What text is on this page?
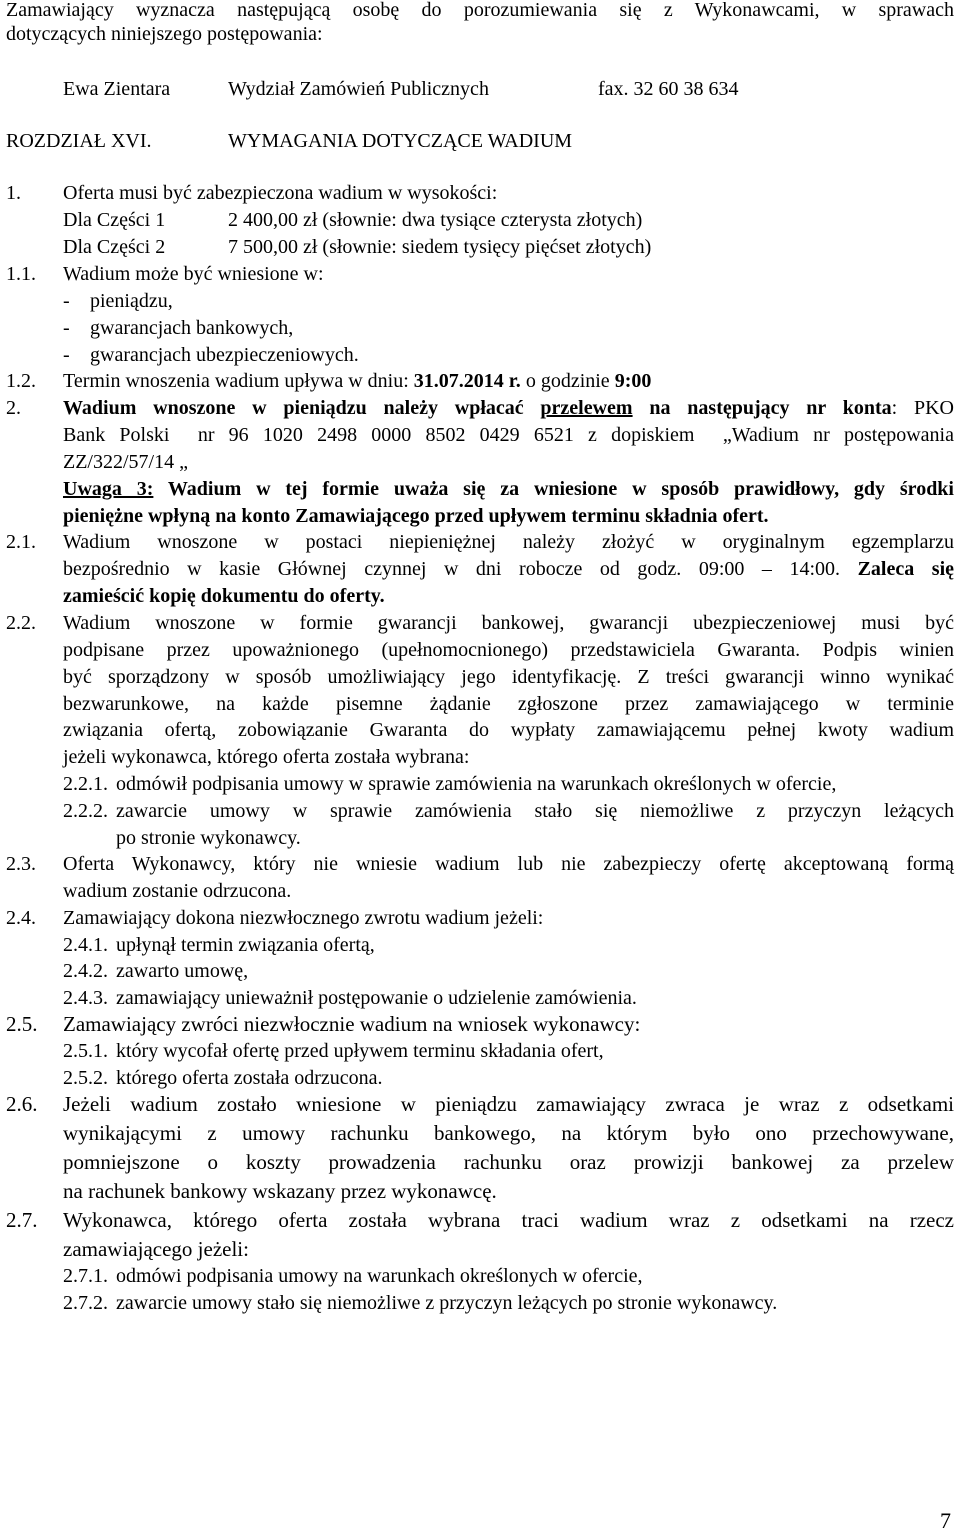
Zamawiający wyznacza następującą osobę do porozumiewania się z Wykonawcami, w sprawach
dotyczących niniejszego postępowania:
Ewa Zientara	Wydział Zamówień Publicznych	fax. 32 60 38 634
ROZDZIAŁ XVI.	WYMAGANIA DOTYCZĄCE WADIUM
1. Oferta musi być zabezpieczona wadium w wysokości:
Dla Części 1	2 400,00 zł (słownie: dwa tysiące czterysta złotych)
Dla Części 2	7 500,00 zł (słownie: siedem tysięcy pięćset złotych)
1.1. Wadium może być wniesione w:
- pieniądzu,
- gwarancjach bankowych,
- gwarancjach ubezpieczeniowych.
1.2. Termin wnoszenia wadium upływa w dniu: 31.07.2014 r. o godzinie 9:00
2. Wadium wnoszone w pieniądzu należy wpłacać przelewem na następujący nr konta: PKO
Bank Polski  nr 96 1020 2498 0000 8502 0429 6521 z dopiskiem  „Wadium nr postępowania
ZZ/322/57/14 „
Uwaga 3: Wadium w tej formie uważa się za wniesione w sposób prawidłowy, gdy środki
pieniężne wpłyną na konto Zamawiającego przed upływem terminu składnia ofert.
2.1. Wadium wnoszone w postaci niepieniężnej należy złożyć w oryginalnym egzemplarzu
bezpośrednio w kasie Głównej czynnej w dni robocze od godz. 09:00 – 14:00. Zaleca się
zamieścić kopię dokumentu do oferty.
2.2. Wadium wnoszone w formie gwarancji bankowej, gwarancji ubezpieczeniowej musi być
podpisane przez upoważnionego (upełnomocnionego) przedstawiciela Gwaranta. Podpis winien
być sporządzony w sposób umożliwiający jego identyfikację. Z treści gwarancji winno wynikać
bezwarunkowe, na każde pisemne żądanie zgłoszone przez zamawiającego w terminie
związania ofertą, zobowiązanie Gwaranta do wypłaty zamawiającemu pełnej kwoty wadium
jeżeli wykonawca, którego oferta została wybrana:
2.2.1. odmówił podpisania umowy w sprawie zamówienia na warunkach określonych w ofercie,
2.2.2. zawarcie umowy w sprawie zamówienia stało się niemożliwe z przyczyn leżących
po stronie wykonawcy.
2.3. Oferta Wykonawcy, który nie wniesie wadium lub nie zabezpieczy ofertę akceptowaną formą
wadium zostanie odrzucona.
2.4. Zamawiający dokona niezwłocznego zwrotu wadium jeżeli:
2.4.1. upłynął termin związania ofertą,
2.4.2. zawarto umowę,
2.4.3. zamawiający unieważnił postępowanie o udzielenie zamówienia.
2.5. Zamawiający zwróci niezwłocznie wadium na wniosek wykonawcy:
2.5.1. który wycofał ofertę przed upływem terminu składania ofert,
2.5.2. którego oferta została odrzucona.
2.6. Jeżeli wadium zostało wniesione w pieniądzu zamawiający zwraca je wraz z odsetkami
wynikającymi z umowy rachunku bankowego, na którym było ono przechowywane,
pomniejszone o koszty prowadzenia rachunku oraz prowizji bankowej za przelew
na rachunek bankowy wskazany przez wykonawcę.
2.7. Wykonawca, którego oferta została wybrana traci wadium wraz z odsetkami na rzecz
zamawiającego jeżeli:
2.7.1. odmówi podpisania umowy na warunkach określonych w ofercie,
2.7.2. zawarcie umowy stało się niemożliwe z przyczyn leżących po stronie wykonawcy.
7
